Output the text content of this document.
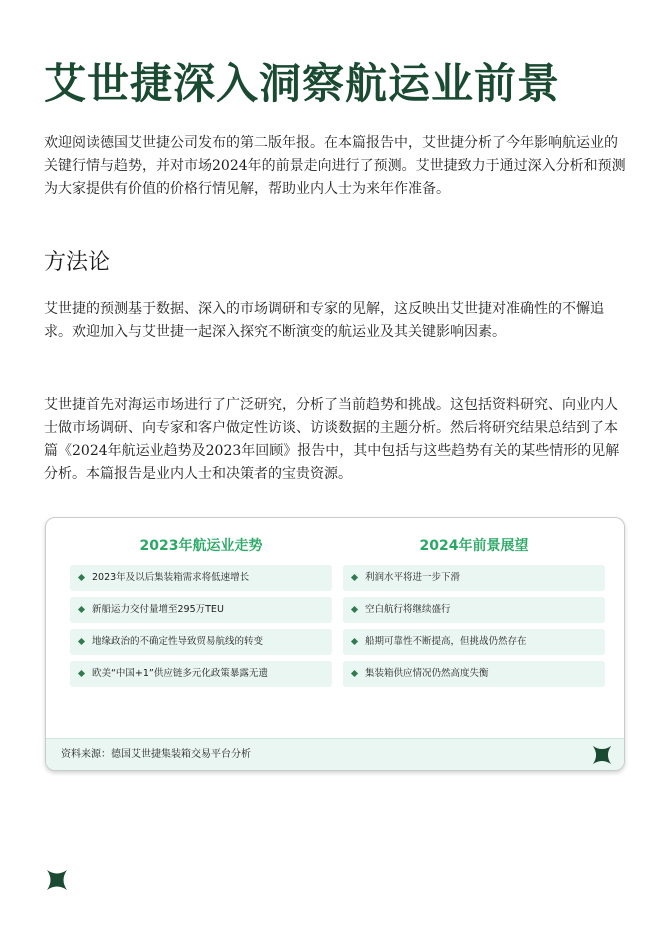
艾世捷深入洞察航运业前景

欢迎阅读德国艾世捷公司发布的第二版年报。在本篇报告中，艾世捷分析了今年影响航运业的关键行情与趋势，并对市场2024年的前景走向进行了预测。艾世捷致力于通过深入分析和预测为大家提供有价值的价格行情见解，帮助业内人士为来年作准备。

方法论

艾世捷的预测基于数据、深入的市场调研和专家的见解，这反映出艾世捷对准确性的不懈追求。欢迎加入与艾世捷一起深入探究不断演变的航运业及其关键影响因素。

艾世捷首先对海运市场进行了广泛研究，分析了当前趋势和挑战。这包括资料研究、向业内人士做市场调研、向专家和客户做定性访谈、访谈数据的主题分析。然后将研究结果总结到了本篇《2024年航运业趋势及2023年回顾》报告中，其中包括与这些趋势有关的某些情形的见解分析。本篇报告是业内人士和决策者的宝贵资源。

2023年航运业走势
2023年及以后集装箱需求将低速增长
新船运力交付量增至295万TEU
地缘政治的不确定性导致贸易航线的转变
欧美“中国+1”供应链多元化政策暴露无遗
2024年前景展望
利润水平将进一步下滑
空白航行将继续盛行
船期可靠性不断提高，但挑战仍然存在
集装箱供应情况仍然高度失衡
资料来源：德国艾世捷集装箱交易平台分析
